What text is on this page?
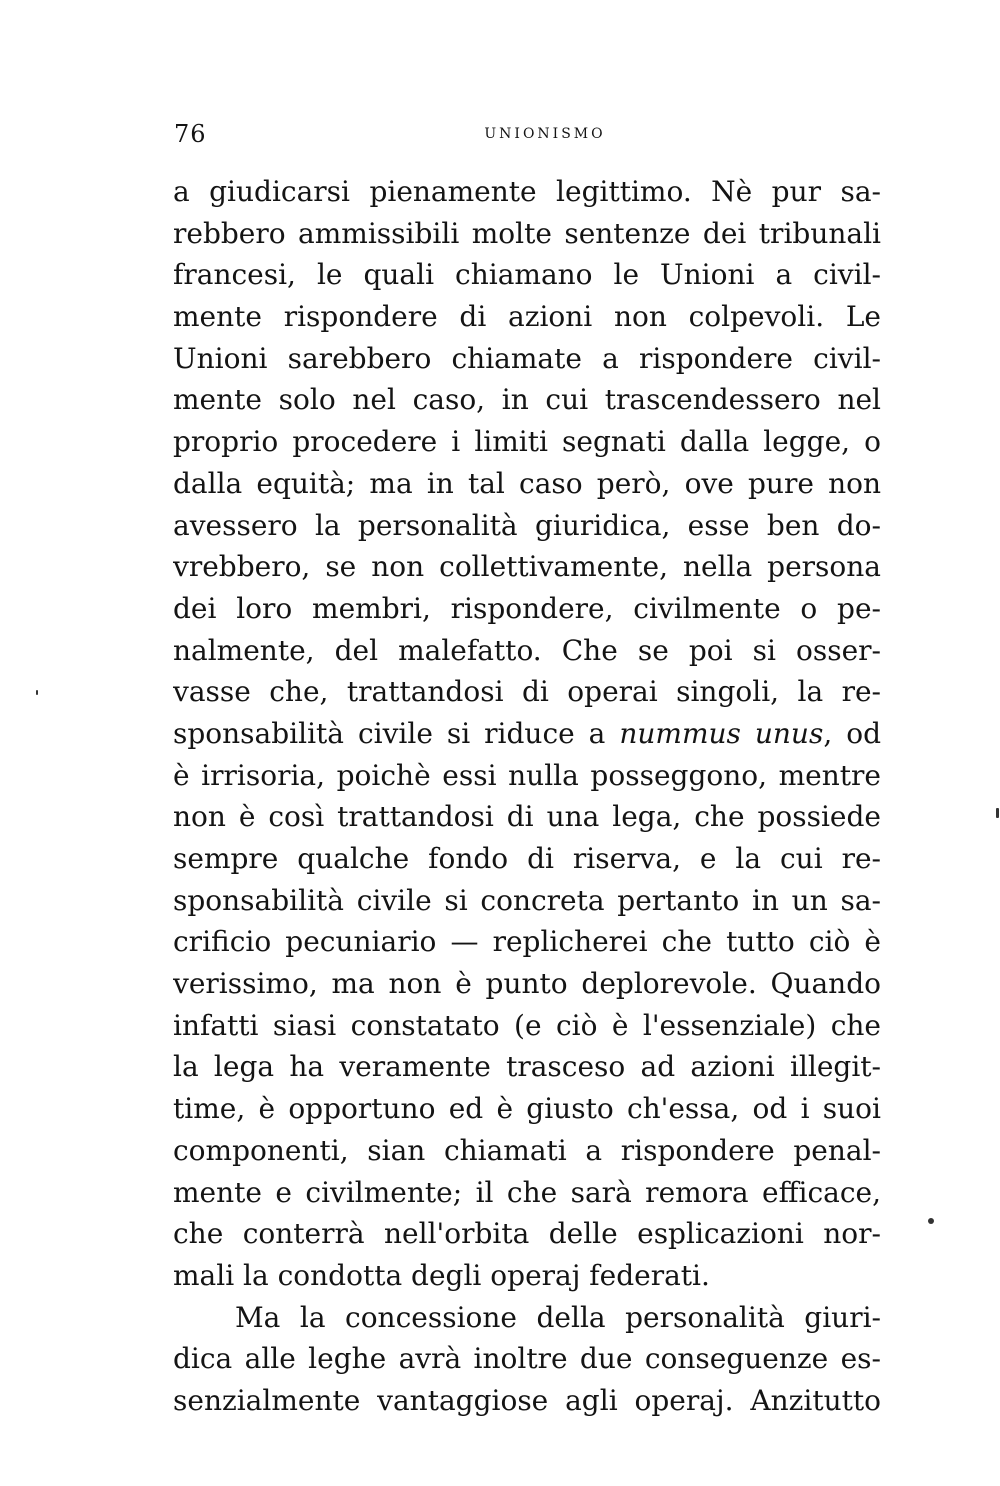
76	UNIONISMO
a giudicarsi pienamente legittimo. Nè pur sa-
rebbero ammissibili molte sentenze dei tribunali
francesi, le quali chiamano le Unioni a civil-
mente rispondere di azioni non colpevoli. Le
Unioni sarebbero chiamate a rispondere civil-
mente solo nel caso, in cui trascendessero nel
proprio procedere i limiti segnati dalla legge, o
dalla equità; ma in tal caso però, ove pure non
avessero la personalità giuridica, esse ben do-
vrebbero, se non collettivamente, nella persona
dei loro membri, rispondere, civilmente o pe-
nalmente, del malefatto. Che se poi si osser-
vasse che, trattandosi di operai singoli, la re-
sponsabilità civile si riduce a nummus unus, od
è irrisoria, poichè essi nulla posseggono, mentre
non è così trattandosi di una lega, che possiede
sempre qualche fondo di riserva, e la cui re-
sponsabilità civile si concreta pertanto in un sa-
crificio pecuniario — replicherei che tutto ciò è
verissimo, ma non è punto deplorevole. Quando
infatti siasi constatato (e ciò è l'essenziale) che
la lega ha veramente trasceso ad azioni illegit-
time, è opportuno ed è giusto ch'essa, od i suoi
componenti, sian chiamati a rispondere penal-
mente e civilmente; il che sarà remora efficace,
che conterrà nell'orbita delle esplicazioni nor-
mali la condotta degli operaj federati.
Ma la concessione della personalità giuri-
dica alle leghe avrà inoltre due conseguenze es-
senzialmente vantaggiose agli operaj. Anzitutto
